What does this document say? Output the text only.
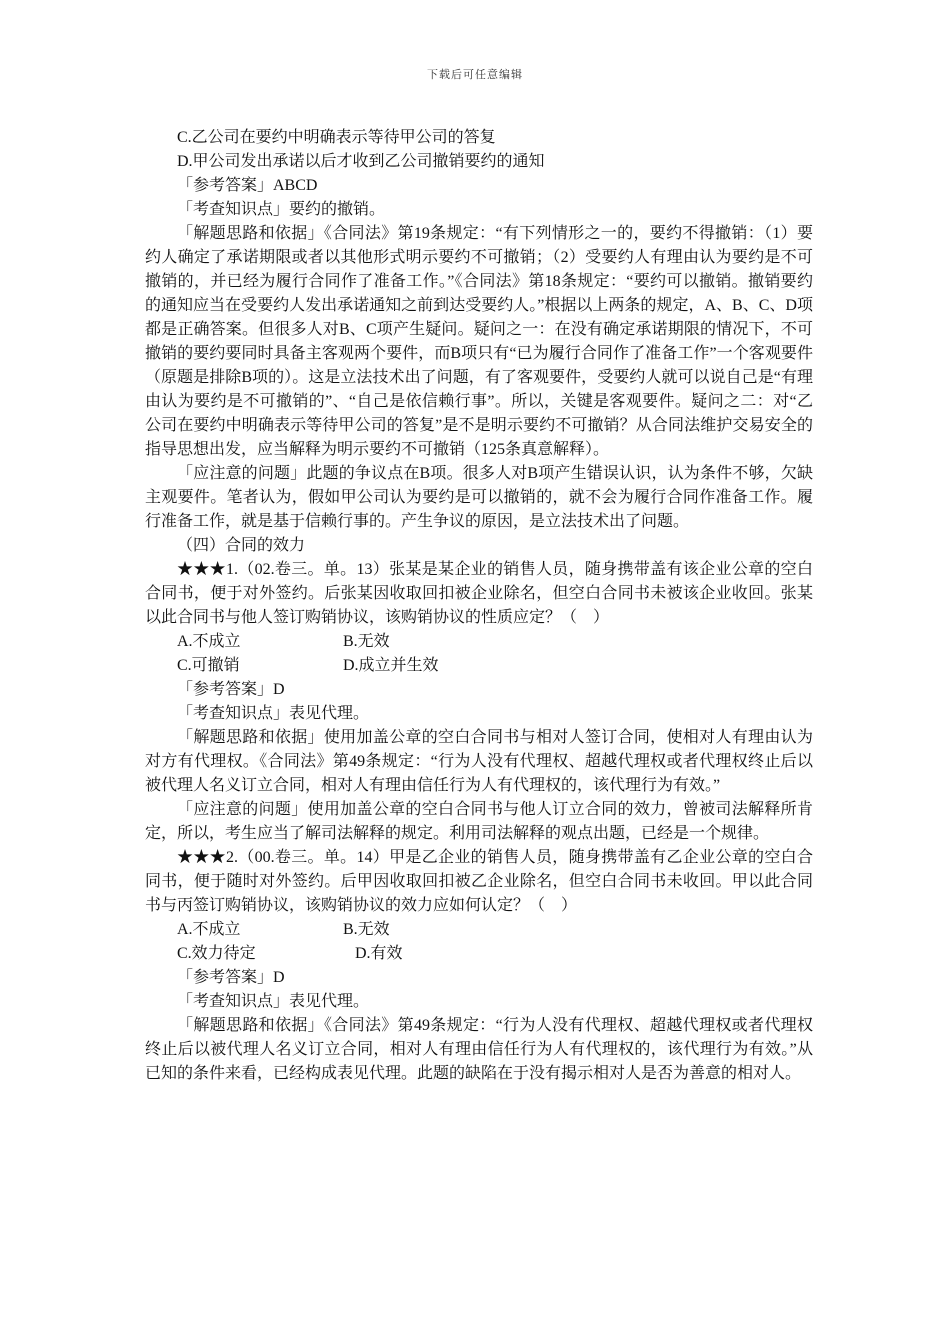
下载后可任意编辑

C.乙公司在要约中明确表示等待甲公司的答复

D.甲公司发出承诺以后才收到乙公司撤销要约的通知

「参考答案」ABCD

「考查知识点」要约的撤销。

「解题思路和依据」《合同法》第19条规定：“有下列情形之一的，要约不得撤销：（1）要约人确定了承诺期限或者以其他形式明示要约不可撤销；（2）受要约人有理由认为要约是不可撤销的，并已经为履行合同作了准备工作。”《合同法》第18条规定：“要约可以撤销。撤销要约的通知应当在受要约人发出承诺通知之前到达受要约人。”根据以上两条的规定，A、B、C、D项都是正确答案。但很多人对B、C项产生疑问。疑问之一：在没有确定承诺期限的情况下，不可撤销的要约要同时具备主客观两个要件，而B项只有“已为履行合同作了准备工作”一个客观要件（原题是排除B项的）。这是立法技术出了问题，有了客观要件，受要约人就可以说自己是“有理由认为要约是不可撤销的”、“自己是依信赖行事”。所以，关键是客观要件。疑问之二：对“乙公司在要约中明确表示等待甲公司的答复”是不是明示要约不可撤销？从合同法维护交易安全的指导思想出发，应当解释为明示要约不可撤销（125条真意解释）。

「应注意的问题」此题的争议点在B项。很多人对B项产生错误认识，认为条件不够，欠缺主观要件。笔者认为，假如甲公司认为要约是可以撤销的，就不会为履行合同作准备工作。履行准备工作，就是基于信赖行事的。产生争议的原因，是立法技术出了问题。

（四）合同的效力

★★★1.（02.卷三。单。13）张某是某企业的销售人员，随身携带盖有该企业公章的空白合同书，便于对外签约。后张某因收取回扣被企业除名，但空白合同书未被该企业收回。张某以此合同书与他人签订购销协议，该购销协议的性质应定？（　）

A.不成立	B.无效
C.可撤销	D.成立并生效

「参考答案」D

「考查知识点」表见代理。

「解题思路和依据」使用加盖公章的空白合同书与相对人签订合同，使相对人有理由认为对方有代理权。《合同法》第49条规定：“行为人没有代理权、超越代理权或者代理权终止后以被代理人名义订立合同，相对人有理由信任行为人有代理权的，该代理行为有效。”

「应注意的问题」使用加盖公章的空白合同书与他人订立合同的效力，曾被司法解释所肯定，所以，考生应当了解司法解释的规定。利用司法解释的观点出题，已经是一个规律。

★★★2.（00.卷三。单。14）甲是乙企业的销售人员，随身携带盖有乙企业公章的空白合同书，便于随时对外签约。后甲因收取回扣被乙企业除名，但空白合同书未收回。甲以此合同书与丙签订购销协议，该购销协议的效力应如何认定？（　）

A.不成立	B.无效
C.效力待定	D.有效

「参考答案」D

「考查知识点」表见代理。

「解题思路和依据」《合同法》第49条规定：“行为人没有代理权、超越代理权或者代理权终止后以被代理人名义订立合同，相对人有理由信任行为人有代理权的，该代理行为有效。”从已知的条件来看，已经构成表见代理。此题的缺陷在于没有揭示相对人是否为善意的相对人。
